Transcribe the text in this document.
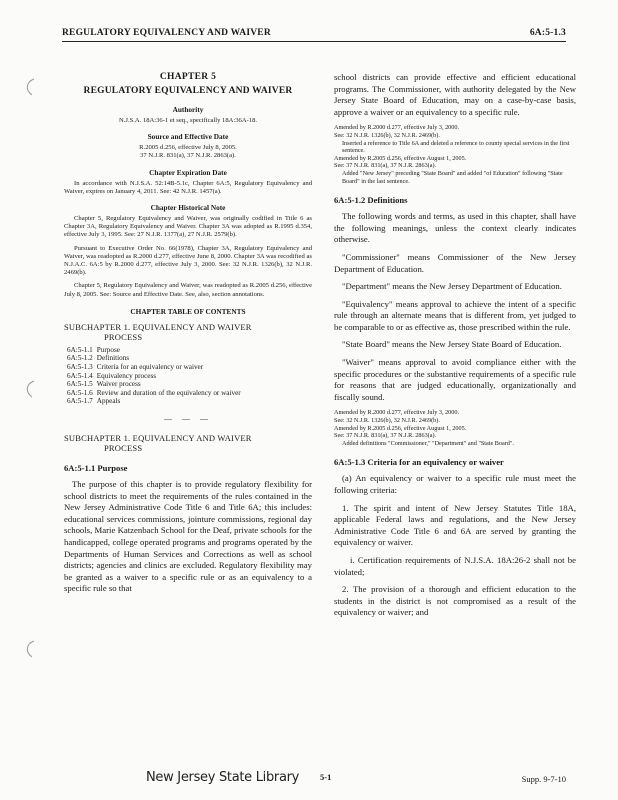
REGULATORY EQUIVALENCY AND WAIVER	6A:5-1.3

CHAPTER 5

REGULATORY EQUIVALENCY AND WAIVER

Authority
N.J.S.A. 18A:36-1 et seq., specifically 18A:36A-18.
Source and Effective Date
R.2005 d.256, effective July 8, 2005.
37 N.J.R. 831(a), 37 N.J.R. 2863(a).
Chapter Expiration Date

In accordance with N.J.S.A. 52:14B-5.1c, Chapter 6A:5, Regulatory Equivalency and Waiver, expires on January 4, 2011. See: 42 N.J.R. 1457(a).

Chapter Historical Note

Chapter 5, Regulatory Equivalency and Waiver, was originally codified in Title 6 as Chapter 3A, Regulatory Equivalency and Waiver. Chapter 3A was adopted as R.1995 d.354, effective July 3, 1995. See: 27 N.J.R. 1377(a), 27 N.J.R. 2579(b).

Pursuant to Executive Order No. 66(1978), Chapter 3A, Regulatory Equivalency and Waiver, was readopted as R.2000 d.277, effective June 8, 2000. Chapter 3A was recodified as N.J.A.C. 6A:5 by R.2000 d.277, effective July 3, 2000. See: 32 N.J.R. 1326(b), 32 N.J.R. 2469(b).

Chapter 5, Regulatory Equivalency and Waiver, was readopted as R.2005 d.256, effective July 8, 2005. See: Source and Effective Date. See, also, section annotations.

CHAPTER TABLE OF CONTENTS
SUBCHAPTER 1. EQUIVALENCY AND WAIVER
PROCESS
6A:5-1.1	Purpose
6A:5-1.2	Definitions
6A:5-1.3	Criteria for an equivalency or waiver
6A:5-1.4	Equivalency process
6A:5-1.5	Waiver process
6A:5-1.6	Review and duration of the equivalency or waiver
6A:5-1.7	Appeals
— — —
SUBCHAPTER 1. EQUIVALENCY AND WAIVER
PROCESS
6A:5-1.1 Purpose

The purpose of this chapter is to provide regulatory flexibility for school districts to meet the requirements of the rules contained in the New Jersey Administrative Code Title 6 and Title 6A; this includes: educational services commissions, jointure commissions, regional day schools, Marie Katzenbach School for the Deaf, private schools for the handicapped, college operated programs and programs operated by the Departments of Human Services and Corrections as well as school districts; agencies and clinics are excluded. Regulatory flexibility may be granted as a waiver to a specific rule or as an equivalency to a specific rule so that

school districts can provide effective and efficient educational programs. The Commissioner, with authority delegated by the New Jersey State Board of Education, may on a case-by-case basis, approve a waiver or an equivalency to a specific rule.

Amended by R.2000 d.277, effective July 3, 2000.
See: 32 N.J.R. 1326(b), 32 N.J.R. 2469(b).
Inserted a reference to Title 6A and deleted a reference to county special services in the first sentence.
Amended by R.2005 d.256, effective August 1, 2005.
See: 37 N.J.R. 831(a), 37 N.J.R. 2863(a).
Added "New Jersey" preceding "State Board" and added "of Education" following "State Board" in the last sentence.
6A:5-1.2 Definitions

The following words and terms, as used in this chapter, shall have the following meanings, unless the context clearly indicates otherwise.

"Commissioner" means Commissioner of the New Jersey Department of Education.

"Department" means the New Jersey Department of Education.

"Equivalency" means approval to achieve the intent of a specific rule through an alternate means that is different from, yet judged to be comparable to or as effective as, those prescribed within the rule.

"State Board" means the New Jersey State Board of Education.

"Waiver" means approval to avoid compliance either with the specific procedures or the substantive requirements of a specific rule for reasons that are judged educationally, organizationally and fiscally sound.

Amended by R.2000 d.277, effective July 3, 2000.
See: 32 N.J.R. 1326(b), 32 N.J.R. 2469(b).
Amended by R.2005 d.256, effective August 1, 2005.
See: 37 N.J.R. 831(a), 37 N.J.R. 2863(a).
Added definitions "Commissioner," "Department" and "State Board".
6A:5-1.3 Criteria for an equivalency or waiver

(a) An equivalency or waiver to a specific rule must meet the following criteria:

1. The spirit and intent of New Jersey Statutes Title 18A, applicable Federal laws and regulations, and the New Jersey Administrative Code Title 6 and 6A are served by granting the equivalency or waiver.

i. Certification requirements of N.J.S.A. 18A:26-2 shall not be violated;

2. The provision of a thorough and efficient education to the students in the district is not compromised as a result of the equivalency or waiver; and

New Jersey State Library 5-1	Supp. 9-7-10
